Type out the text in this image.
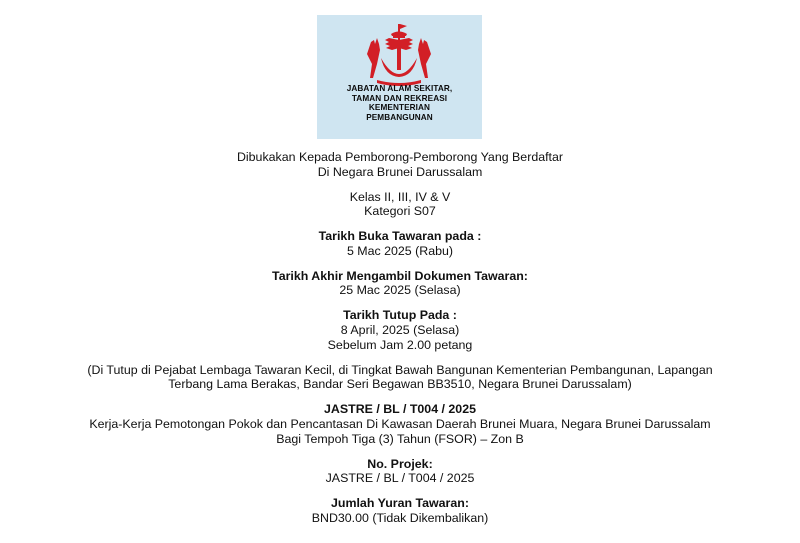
JABATAN ALAM SEKITAR,
TAMAN DAN REKREASI
KEMENTERIAN
PEMBANGUNAN
Dibukakan Kepada Pemborong-Pemborong Yang Berdaftar
Di Negara Brunei Darussalam
Kelas II, III, IV & V
Kategori S07
Tarikh Buka Tawaran pada :
5 Mac 2025 (Rabu)
Tarikh Akhir Mengambil Dokumen Tawaran:
25 Mac 2025 (Selasa)
Tarikh Tutup Pada :
8 April, 2025 (Selasa)
Sebelum Jam 2.00 petang
(Di Tutup di Pejabat Lembaga Tawaran Kecil, di Tingkat Bawah Bangunan Kementerian Pembangunan, Lapangan
Terbang Lama Berakas, Bandar Seri Begawan BB3510, Negara Brunei Darussalam)
JASTRE / BL / T004 / 2025
Kerja-Kerja Pemotongan Pokok dan Pencantasan Di Kawasan Daerah Brunei Muara, Negara Brunei Darussalam
Bagi Tempoh Tiga (3) Tahun (FSOR) – Zon B
No. Projek:
JASTRE / BL / T004 / 2025
Jumlah Yuran Tawaran:
BND30.00 (Tidak Dikembalikan)
